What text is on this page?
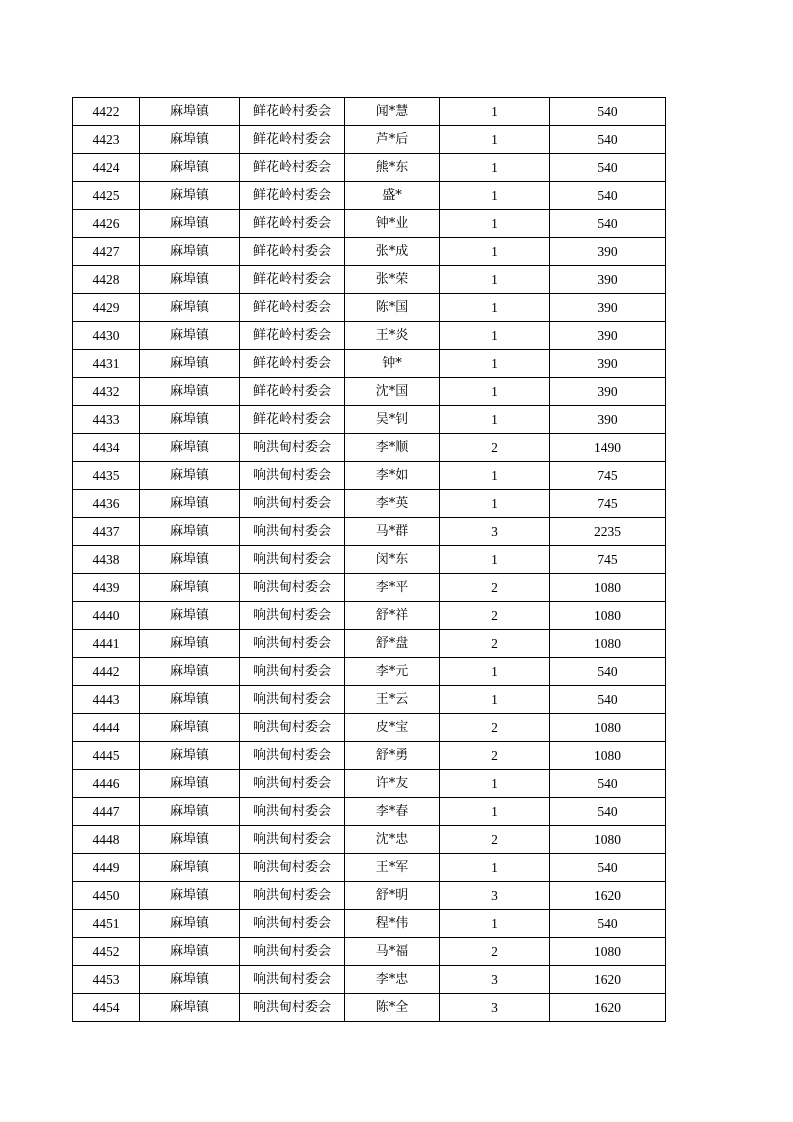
4422	麻埠镇	鲜花岭村委会	闻*慧	1	540
4423	麻埠镇	鲜花岭村委会	芦*后	1	540
4424	麻埠镇	鲜花岭村委会	熊*东	1	540
4425	麻埠镇	鲜花岭村委会	盛*	1	540
4426	麻埠镇	鲜花岭村委会	钟*业	1	540
4427	麻埠镇	鲜花岭村委会	张*成	1	390
4428	麻埠镇	鲜花岭村委会	张*荣	1	390
4429	麻埠镇	鲜花岭村委会	陈*国	1	390
4430	麻埠镇	鲜花岭村委会	王*炎	1	390
4431	麻埠镇	鲜花岭村委会	钟*	1	390
4432	麻埠镇	鲜花岭村委会	沈*国	1	390
4433	麻埠镇	鲜花岭村委会	吴*钊	1	390
4434	麻埠镇	响洪甸村委会	李*顺	2	1490
4435	麻埠镇	响洪甸村委会	李*如	1	745
4436	麻埠镇	响洪甸村委会	李*英	1	745
4437	麻埠镇	响洪甸村委会	马*群	3	2235
4438	麻埠镇	响洪甸村委会	闵*东	1	745
4439	麻埠镇	响洪甸村委会	李*平	2	1080
4440	麻埠镇	响洪甸村委会	舒*祥	2	1080
4441	麻埠镇	响洪甸村委会	舒*盘	2	1080
4442	麻埠镇	响洪甸村委会	李*元	1	540
4443	麻埠镇	响洪甸村委会	王*云	1	540
4444	麻埠镇	响洪甸村委会	皮*宝	2	1080
4445	麻埠镇	响洪甸村委会	舒*勇	2	1080
4446	麻埠镇	响洪甸村委会	许*友	1	540
4447	麻埠镇	响洪甸村委会	李*春	1	540
4448	麻埠镇	响洪甸村委会	沈*忠	2	1080
4449	麻埠镇	响洪甸村委会	王*军	1	540
4450	麻埠镇	响洪甸村委会	舒*明	3	1620
4451	麻埠镇	响洪甸村委会	程*伟	1	540
4452	麻埠镇	响洪甸村委会	马*福	2	1080
4453	麻埠镇	响洪甸村委会	李*忠	3	1620
4454	麻埠镇	响洪甸村委会	陈*全	3	1620
